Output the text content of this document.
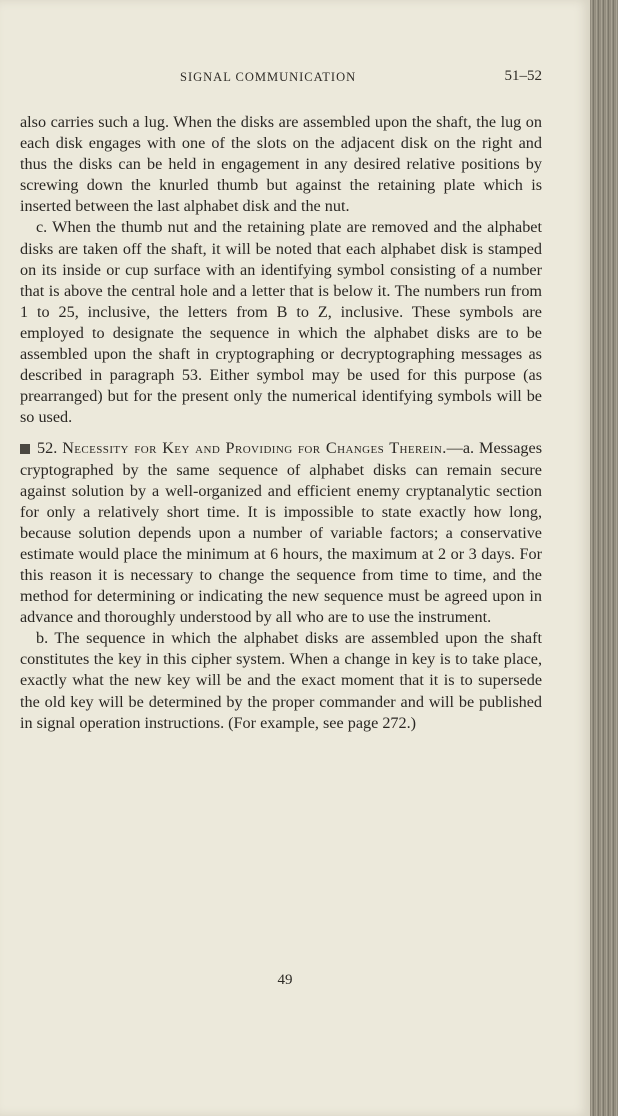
SIGNAL COMMUNICATION	51–52

also carries such a lug. When the disks are assembled upon the shaft, the lug on each disk engages with one of the slots on the adjacent disk on the right and thus the disks can be held in engagement in any desired relative positions by screwing down the knurled thumb but against the retaining plate which is inserted between the last alphabet disk and the nut.

c. When the thumb nut and the retaining plate are removed and the alphabet disks are taken off the shaft, it will be noted that each alphabet disk is stamped on its inside or cup surface with an identifying symbol consisting of a number that is above the central hole and a letter that is below it. The numbers run from 1 to 25, inclusive, the letters from B to Z, inclusive. These symbols are employed to designate the sequence in which the alphabet disks are to be assembled upon the shaft in cryptographing or decryptographing messages as described in paragraph 53. Either symbol may be used for this purpose (as prearranged) but for the present only the numerical identifying symbols will be so used.

52. Necessity for Key and Providing for Changes Therein.—a. Messages cryptographed by the same sequence of alphabet disks can remain secure against solution by a well-organized and efficient enemy cryptanalytic section for only a relatively short time. It is impossible to state exactly how long, because solution depends upon a number of variable factors; a conservative estimate would place the minimum at 6 hours, the maximum at 2 or 3 days. For this reason it is necessary to change the sequence from time to time, and the method for determining or indicating the new sequence must be agreed upon in advance and thoroughly understood by all who are to use the instrument.

b. The sequence in which the alphabet disks are assembled upon the shaft constitutes the key in this cipher system. When a change in key is to take place, exactly what the new key will be and the exact moment that it is to supersede the old key will be determined by the proper commander and will be published in signal operation instructions. (For example, see page 272.)

49
